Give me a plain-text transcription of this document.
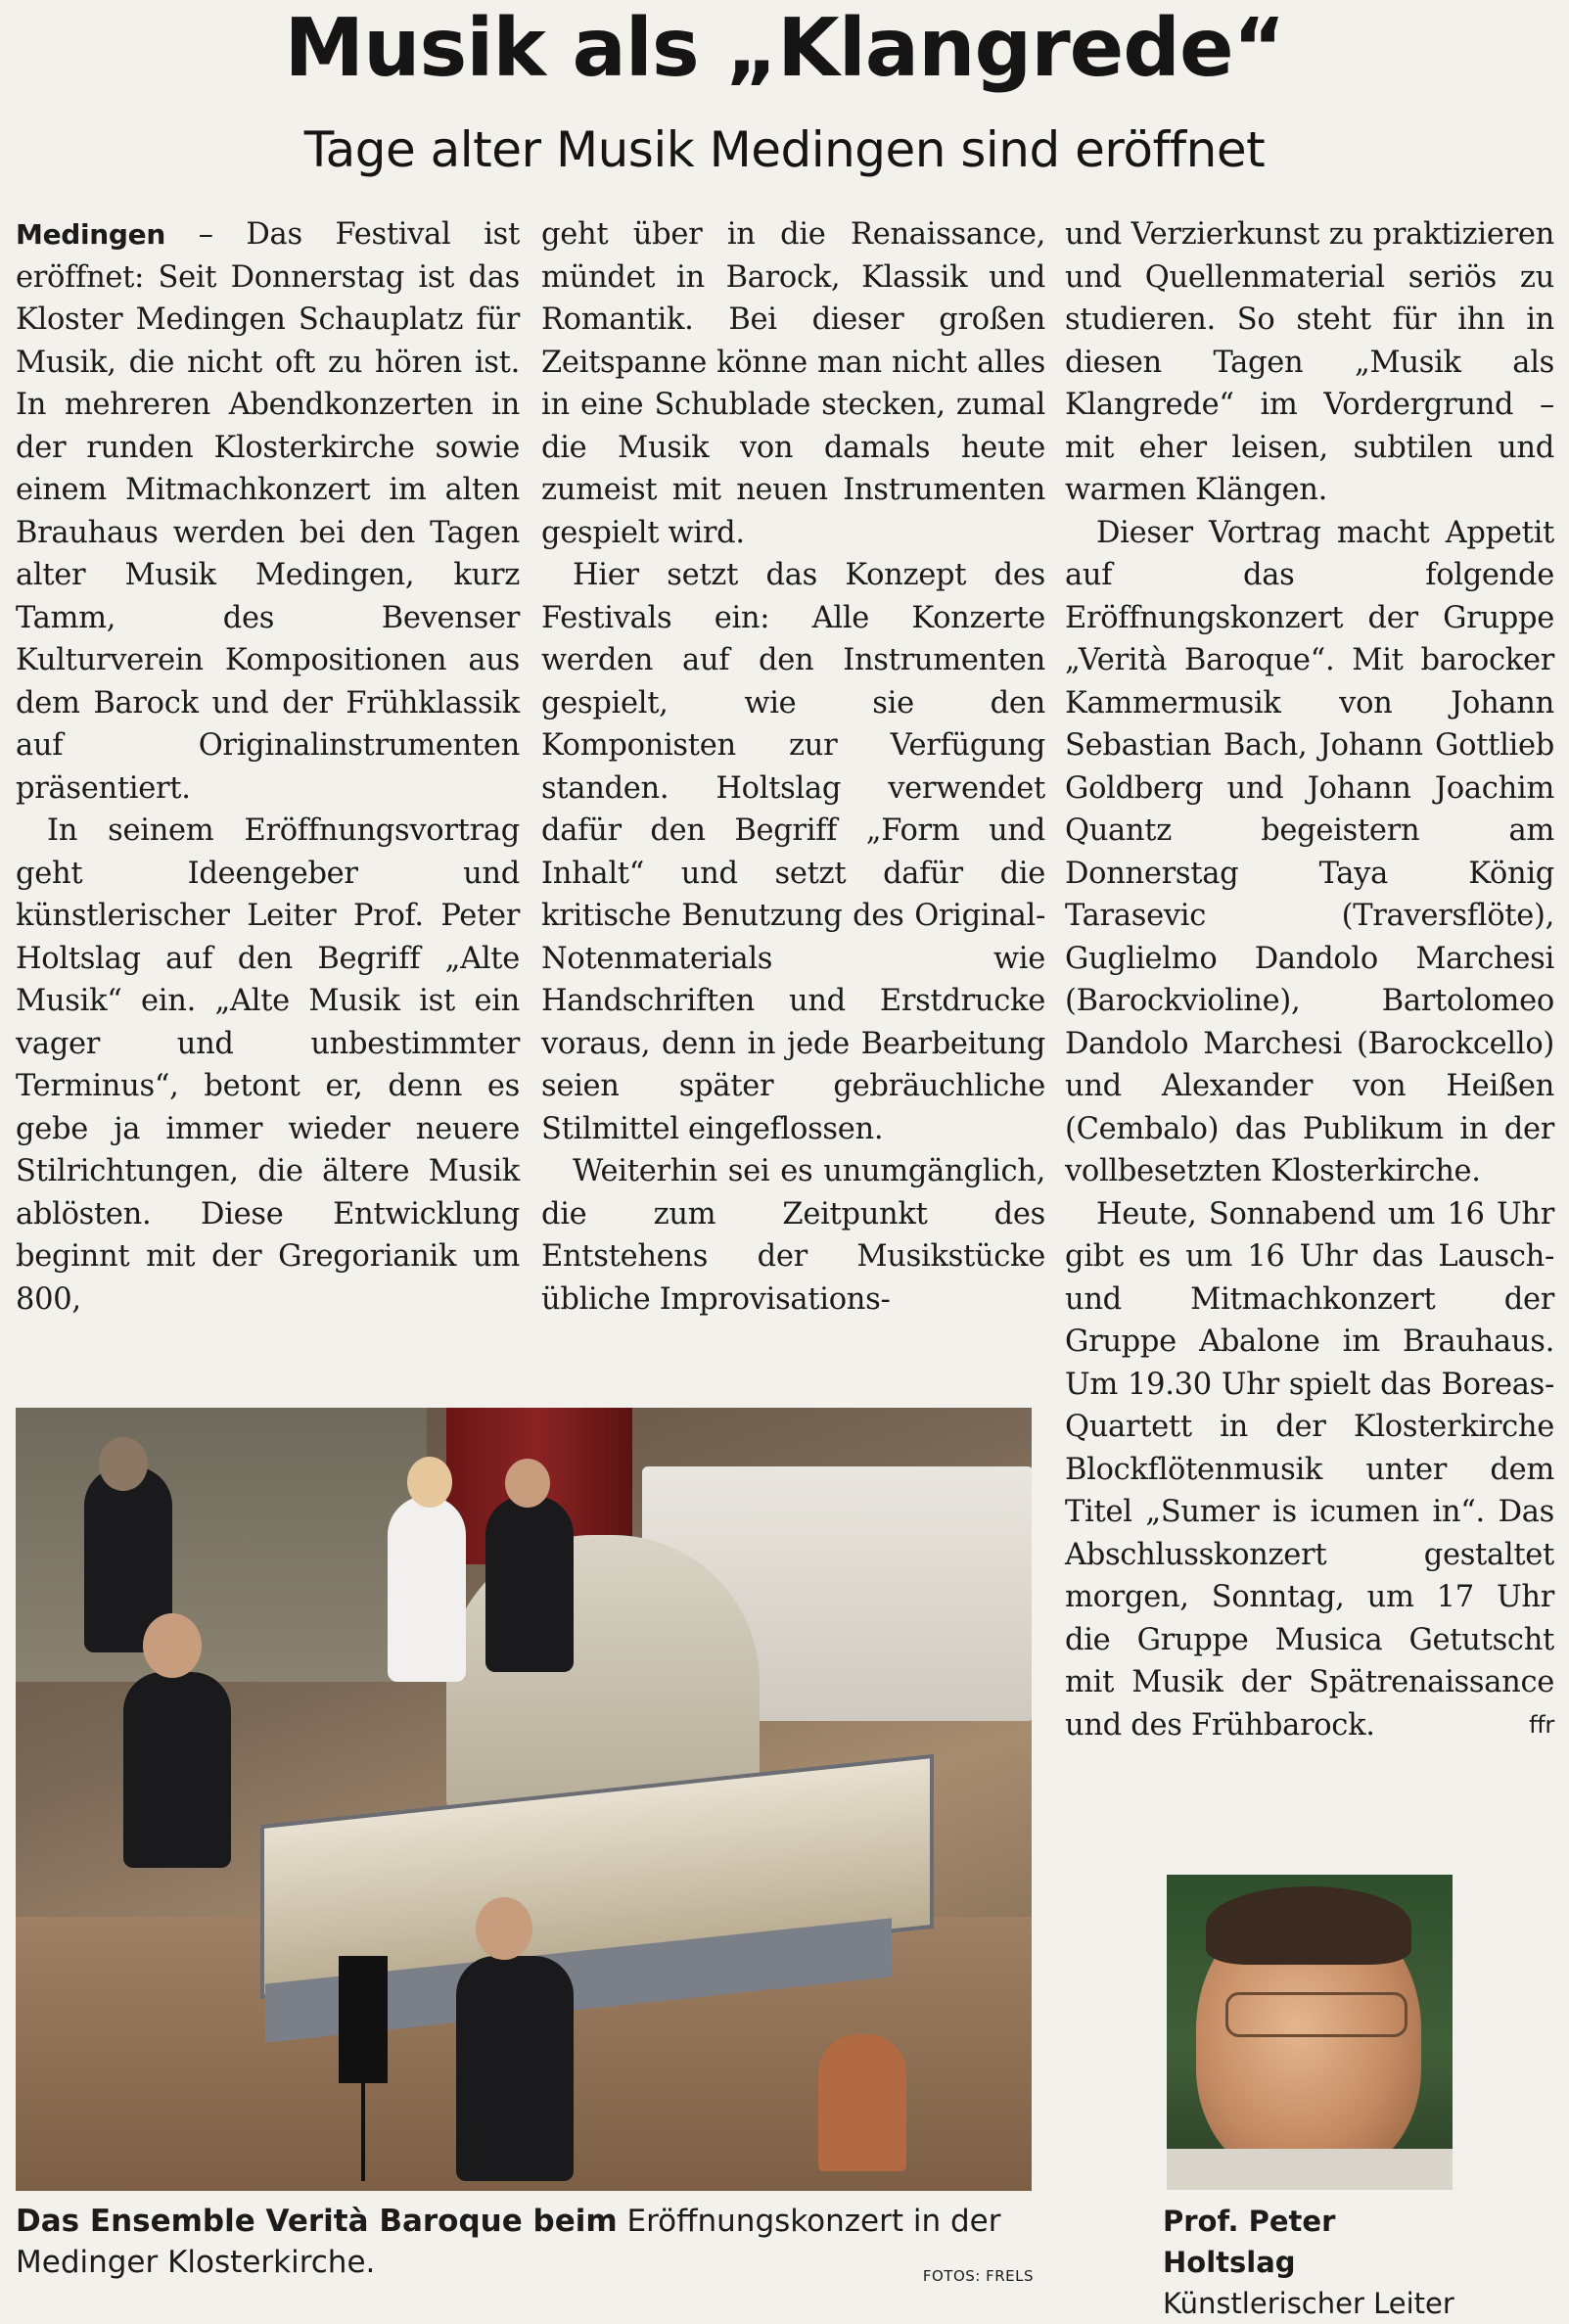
Musik als „Klangrede“
Tage alter Musik Medingen sind eröffnet

Medingen – Das Festival ist eröffnet: Seit Donnerstag ist das Kloster Medingen Schauplatz für Musik, die nicht oft zu hören ist. In mehreren Abendkonzerten in der runden Klosterkirche sowie einem Mitmachkonzert im alten Brauhaus werden bei den Tagen alter Musik Medingen, kurz Tamm, des Bevenser Kulturverein Kompositionen aus dem Barock und der Frühklassik auf Originalinstrumenten präsentiert.

In seinem Eröffnungsvortrag geht Ideengeber und künstlerischer Leiter Prof. Peter Holtslag auf den Begriff „Alte Musik“ ein. „Alte Musik ist ein vager und unbestimmter Terminus“, betont er, denn es gebe ja immer wieder neuere Stilrichtungen, die ältere Musik ablösten. Diese Entwicklung beginnt mit der Gregorianik um 800,

geht über in die Renaissance, mündet in Barock, Klassik und Romantik. Bei dieser großen Zeitspanne könne man nicht alles in eine Schublade stecken, zumal die Musik von damals heute zumeist mit neuen Instrumenten gespielt wird.

Hier setzt das Konzept des Festivals ein: Alle Konzerte werden auf den Instrumenten gespielt, wie sie den Komponisten zur Verfügung standen. Holtslag verwendet dafür den Begriff „Form und Inhalt“ und setzt dafür die kritische Benutzung des Original-Notenmaterials wie Handschriften und Erstdrucke voraus, denn in jede Bearbeitung seien später gebräuchliche Stilmittel eingeflossen.

Weiterhin sei es unumgänglich, die zum Zeitpunkt des Entstehens der Musikstücke übliche Improvisations-

und Verzierkunst zu praktizieren und Quellenmaterial seriös zu studieren. So steht für ihn in diesen Tagen „Musik als Klangrede“ im Vordergrund – mit eher leisen, subtilen und warmen Klängen.

Dieser Vortrag macht Appetit auf das folgende Eröffnungskonzert der Gruppe „Verità Baroque“. Mit barocker Kammermusik von Johann Sebastian Bach, Johann Gottlieb Goldberg und Johann Joachim Quantz begeistern am Donnerstag Taya König Tarasevic (Traversflöte), Guglielmo Dandolo Marchesi (Barockvioline), Bartolomeo Dandolo Marchesi (Barockcello) und Alexander von Heißen (Cembalo) das Publikum in der vollbesetzten Klosterkirche.

Heute, Sonnabend um 16 Uhr gibt es um 16 Uhr das Lausch- und Mitmachkonzert der Gruppe Abalone im Brauhaus. Um 19.30 Uhr spielt das Boreas-Quartett in der Klosterkirche Blockflötenmusik unter dem Titel „Sumer is icumen in“. Das Abschlusskonzert gestaltet morgen, Sonntag, um 17 Uhr die Gruppe Musica Getutscht mit Musik der Spätrenaissance und des Frühbarock.	ffr
Das Ensemble Verità Baroque beim Eröffnungskonzert in der Medinger Klosterkirche.	FOTOS: FRELS
Prof. Peter Holtslag
Künstlerischer Leiter
